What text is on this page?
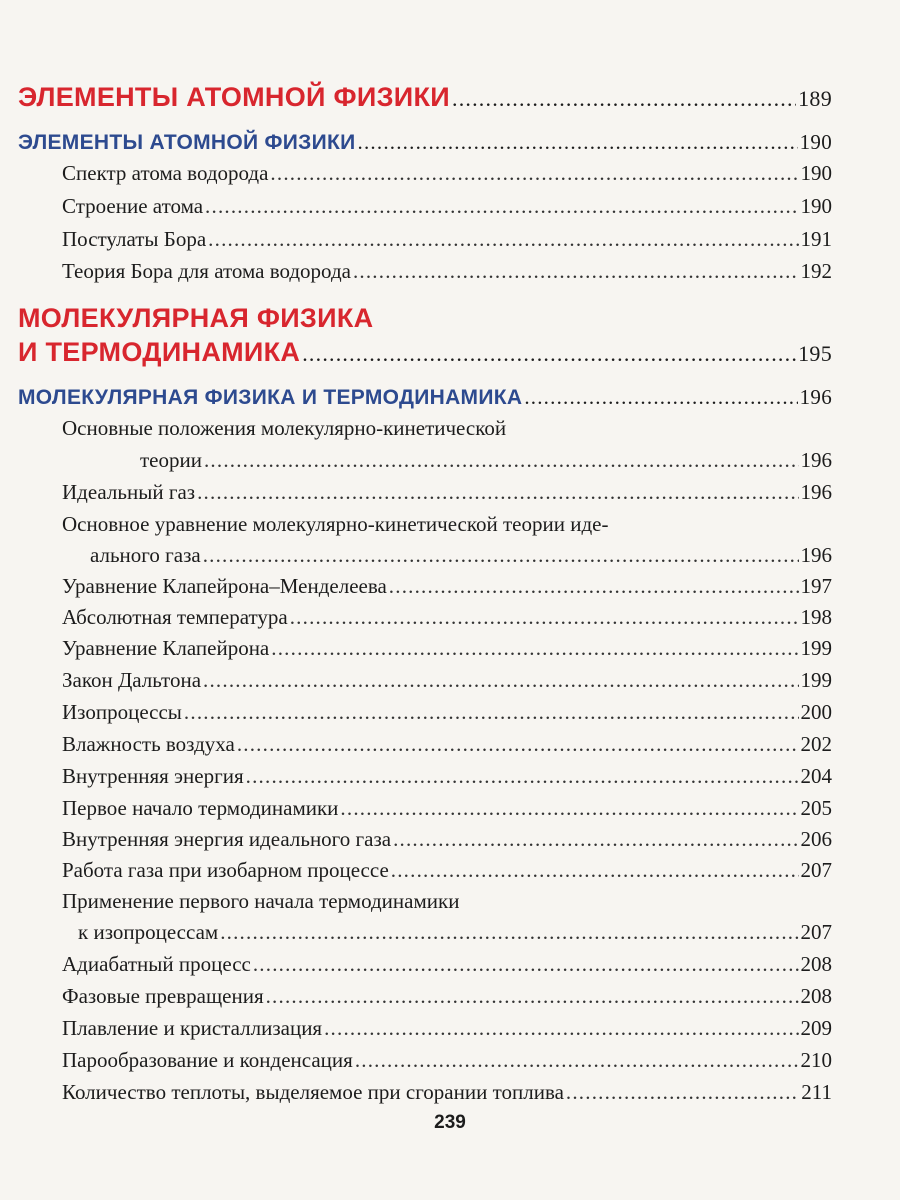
ЭЛЕМЕНТЫ АТОМНОЙ ФИЗИКИ .....	189
ЭЛЕМЕНТЫ АТОМНОЙ ФИЗИКИ .....	190
Спектр атома водорода .....	190
Строение атома .....	190
Постулаты Бора .....	191
Теория Бора для атома водорода .....	192
МОЛЕКУЛЯРНАЯ ФИЗИКА
И ТЕРМОДИНАМИКА .....	195
МОЛЕКУЛЯРНАЯ ФИЗИКА И ТЕРМОДИНАМИКА .....	196
Основные положения молекулярно-кинетической
теории .....	196
Идеальный газ .....	196
Основное уравнение молекулярно-кинетической теории иде-
ального газа .....	196
Уравнение Клапейрона–Менделеева .....	197
Абсолютная температура .....	198
Уравнение Клапейрона .....	199
Закон Дальтона .....	199
Изопроцессы .....	200
Влажность воздуха .....	202
Внутренняя энергия .....	204
Первое начало термодинамики .....	205
Внутренняя энергия идеального газа .....	206
Работа газа при изобарном процессе .....	207
Применение первого начала термодинамики
к изопроцессам .....	207
Адиабатный процесс .....	208
Фазовые превращения .....	208
Плавление и кристаллизация .....	209
Парообразование и конденсация .....	210
Количество теплоты, выделяемое при сгорании топлива .....	211
239
